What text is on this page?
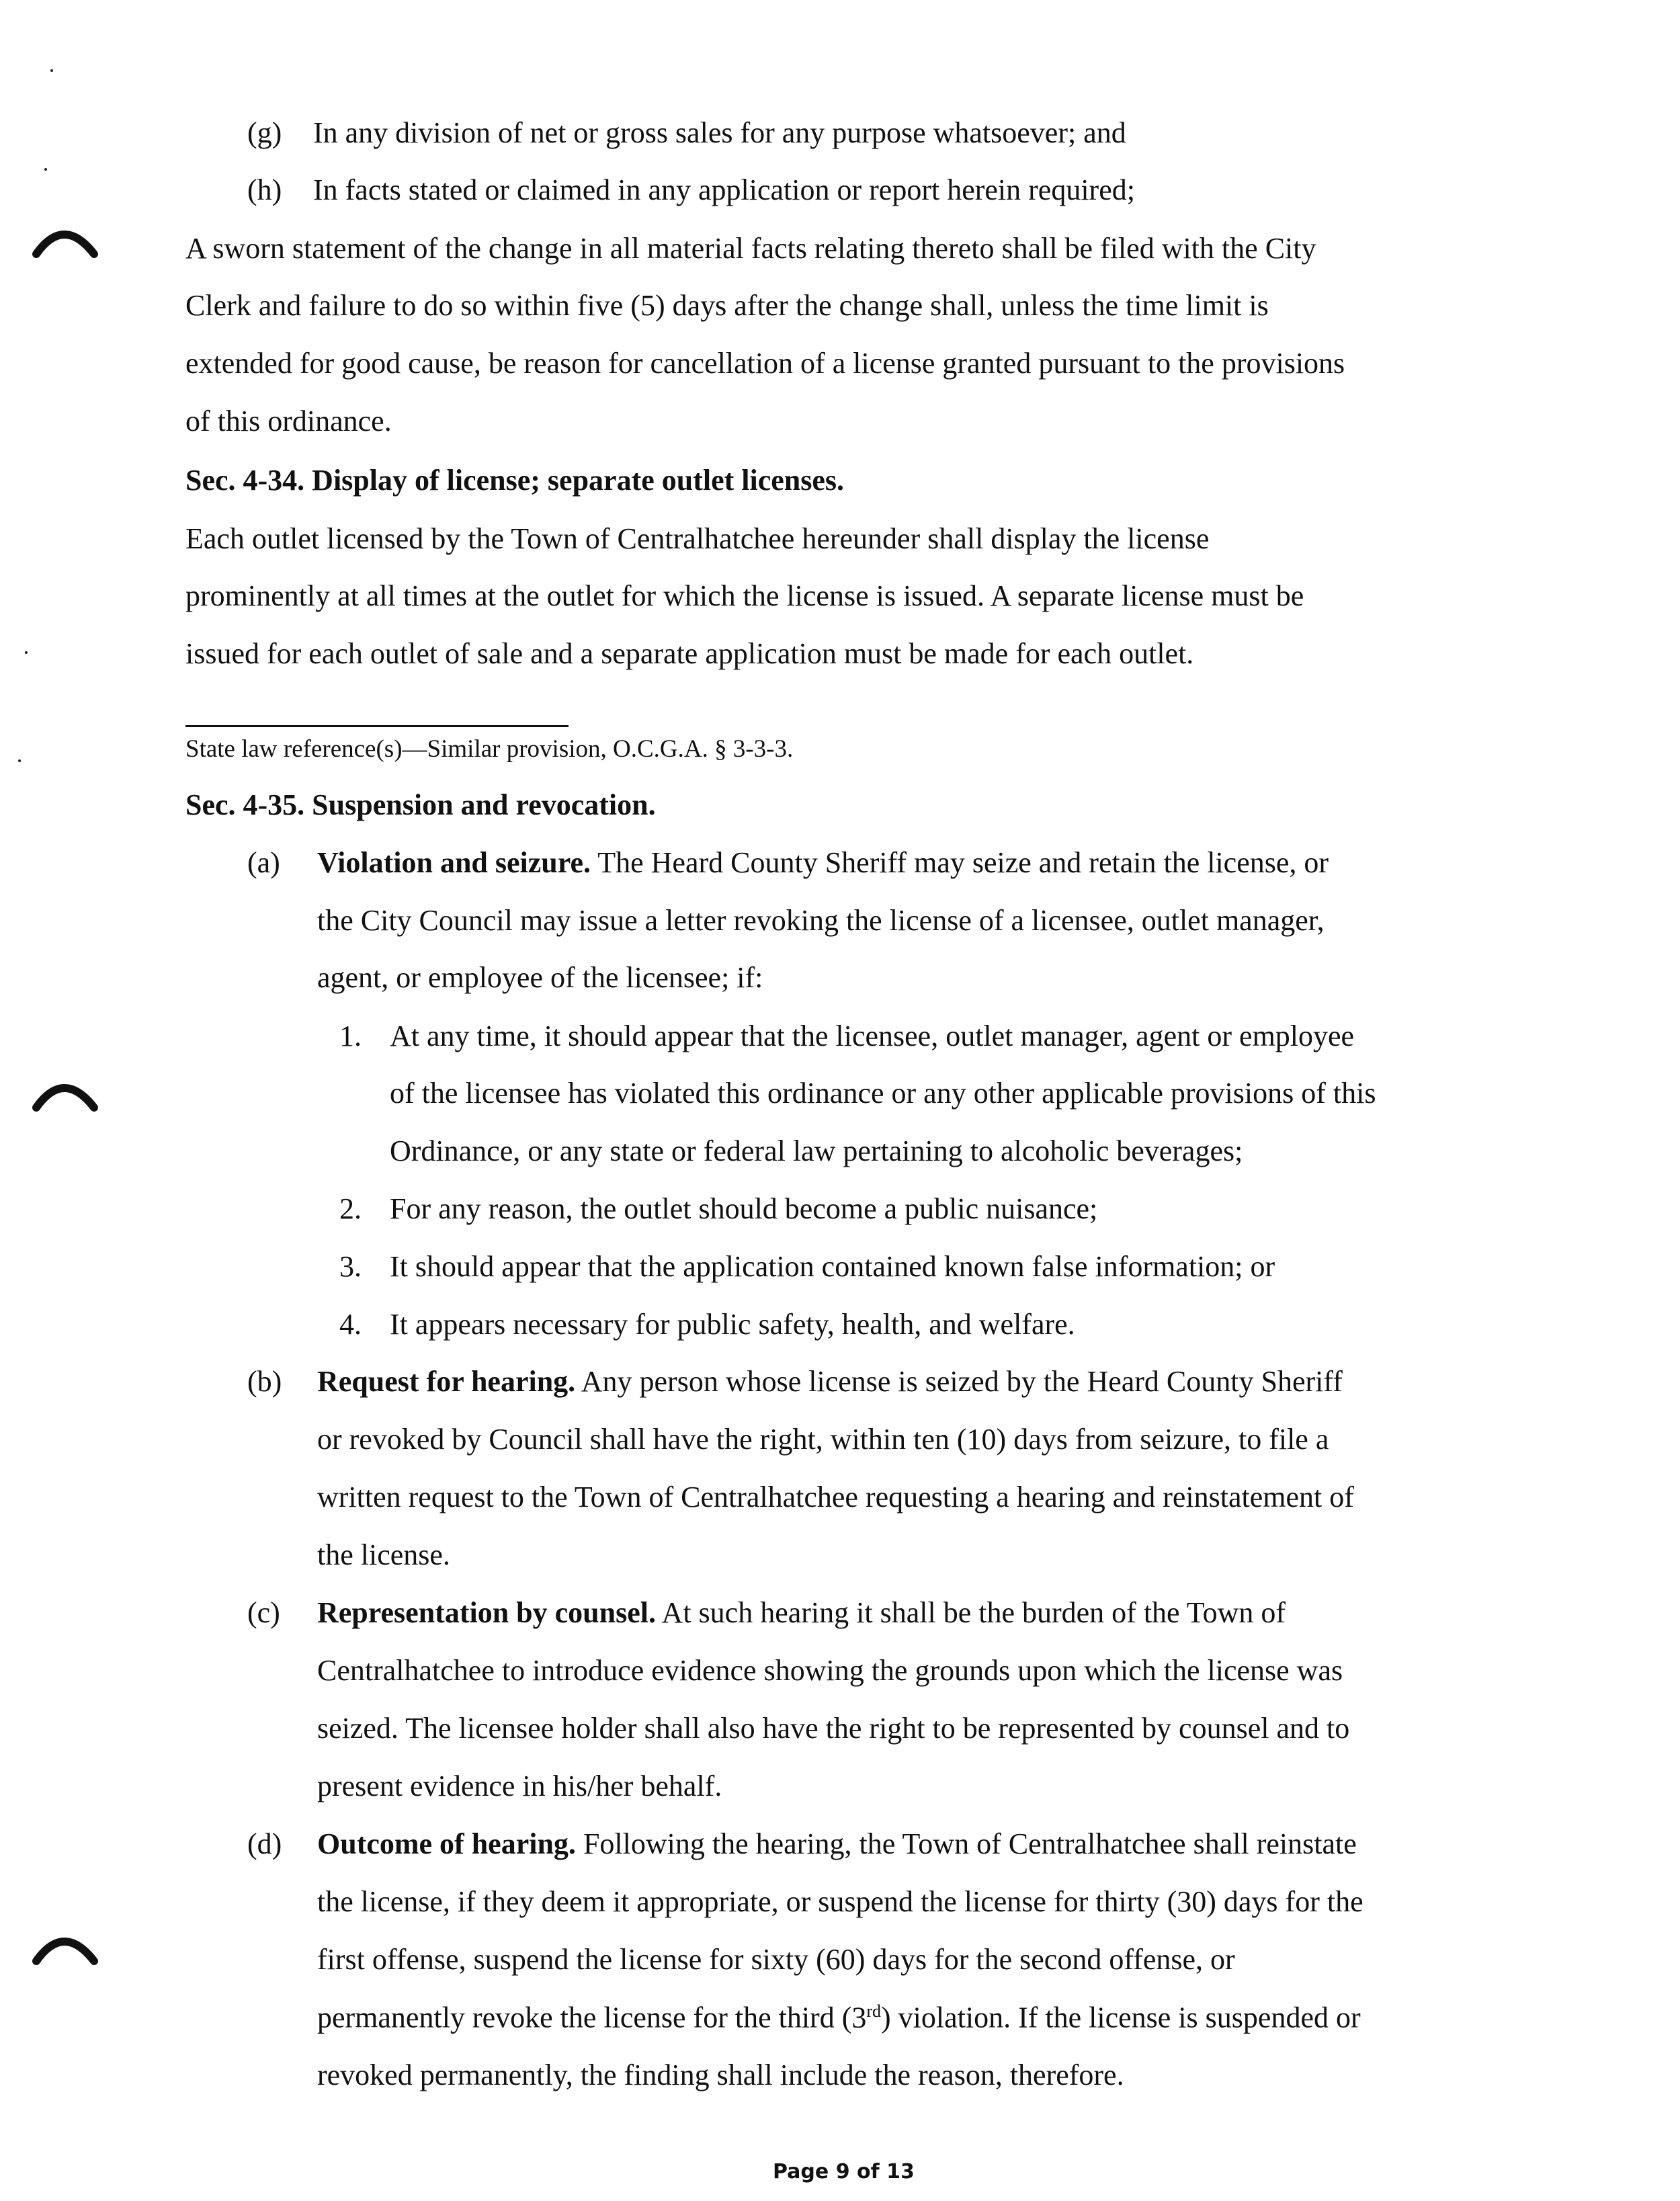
(g) In any division of net or gross sales for any purpose whatsoever; and
(h) In facts stated or claimed in any application or report herein required;
A sworn statement of the change in all material facts relating thereto shall be filed with the City
Clerk and failure to do so within five (5) days after the change shall, unless the time limit is
extended for good cause, be reason for cancellation of a license granted pursuant to the provisions
of this ordinance.
Sec. 4-34. Display of license; separate outlet licenses.
Each outlet licensed by the Town of Centralhatchee hereunder shall display the license
prominently at all times at the outlet for which the license is issued. A separate license must be
issued for each outlet of sale and a separate application must be made for each outlet.
State law reference(s)—Similar provision, O.C.G.A. § 3-3-3.
Sec. 4-35. Suspension and revocation.
(a) Violation and seizure. The Heard County Sheriff may seize and retain the license, or
the City Council may issue a letter revoking the license of a licensee, outlet manager,
agent, or employee of the licensee; if:
1. At any time, it should appear that the licensee, outlet manager, agent or employee
of the licensee has violated this ordinance or any other applicable provisions of this
Ordinance, or any state or federal law pertaining to alcoholic beverages;
2. For any reason, the outlet should become a public nuisance;
3. It should appear that the application contained known false information; or
4. It appears necessary for public safety, health, and welfare.
(b) Request for hearing. Any person whose license is seized by the Heard County Sheriff
or revoked by Council shall have the right, within ten (10) days from seizure, to file a
written request to the Town of Centralhatchee requesting a hearing and reinstatement of
the license.
(c) Representation by counsel. At such hearing it shall be the burden of the Town of
Centralhatchee to introduce evidence showing the grounds upon which the license was
seized. The licensee holder shall also have the right to be represented by counsel and to
present evidence in his/her behalf.
(d) Outcome of hearing. Following the hearing, the Town of Centralhatchee shall reinstate
the license, if they deem it appropriate, or suspend the license for thirty (30) days for the
first offense, suspend the license for sixty (60) days for the second offense, or
permanently revoke the license for the third (3rd) violation. If the license is suspended or
revoked permanently, the finding shall include the reason, therefore.
Page 9 of 13
